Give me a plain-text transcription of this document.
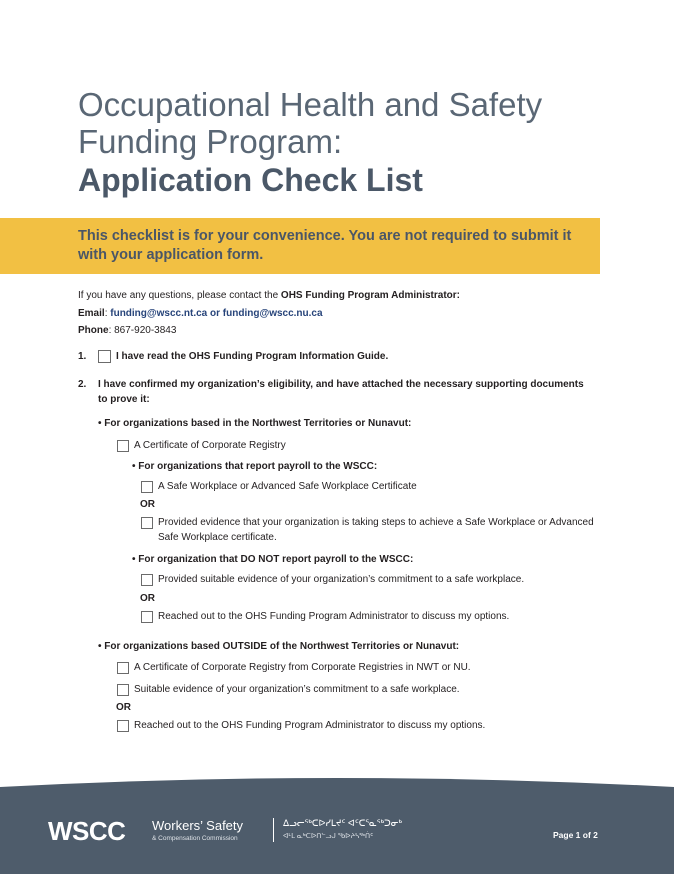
Occupational Health and Safety
Funding Program:
Application Check List
This checklist is for your convenience. You are not required to submit it with your application form.
If you have any questions, please contact the OHS Funding Program Administrator:
Email: funding@wscc.nt.ca or funding@wscc.nu.ca
Phone: 867-920-3843
1.	I have read the OHS Funding Program Information Guide.
2. I have confirmed my organization’s eligibility, and have attached the necessary supporting documents to prove it:
• For organizations based in the Northwest Territories or Nunavut:
A Certificate of Corporate Registry
• For organizations that report payroll to the WSCC:
A Safe Workplace or Advanced Safe Workplace Certificate
OR
Provided evidence that your organization is taking steps to achieve a Safe Workplace or Advanced Safe Workplace certificate.
• For organization that DO NOT report payroll to the WSCC:
Provided suitable evidence of your organization’s commitment to a safe workplace.
OR
Reached out to the OHS Funding Program Administrator to discuss my options.
• For organizations based OUTSIDE of the Northwest Territories or Nunavut:
A Certificate of Corporate Registry from Corporate Registries in NWT or NU.
Suitable evidence of your organization’s commitment to a safe workplace.
OR
Reached out to the OHS Funding Program Administrator to discuss my options.
WSCC Workers’ Safety
& Compensation Commission
ᐃᓗᓕᖅᑕᐅᓯᒪᔪᑦ ᐊᑦᑕᕐᓇᖅᑐᓂᒃ
ᐊᒻᒪ ᓇᒃᑕᐅᑎᓪᓗᒍ ᖃᐅᔨᓴᖅᑏᑦ	Page 1 of 2
